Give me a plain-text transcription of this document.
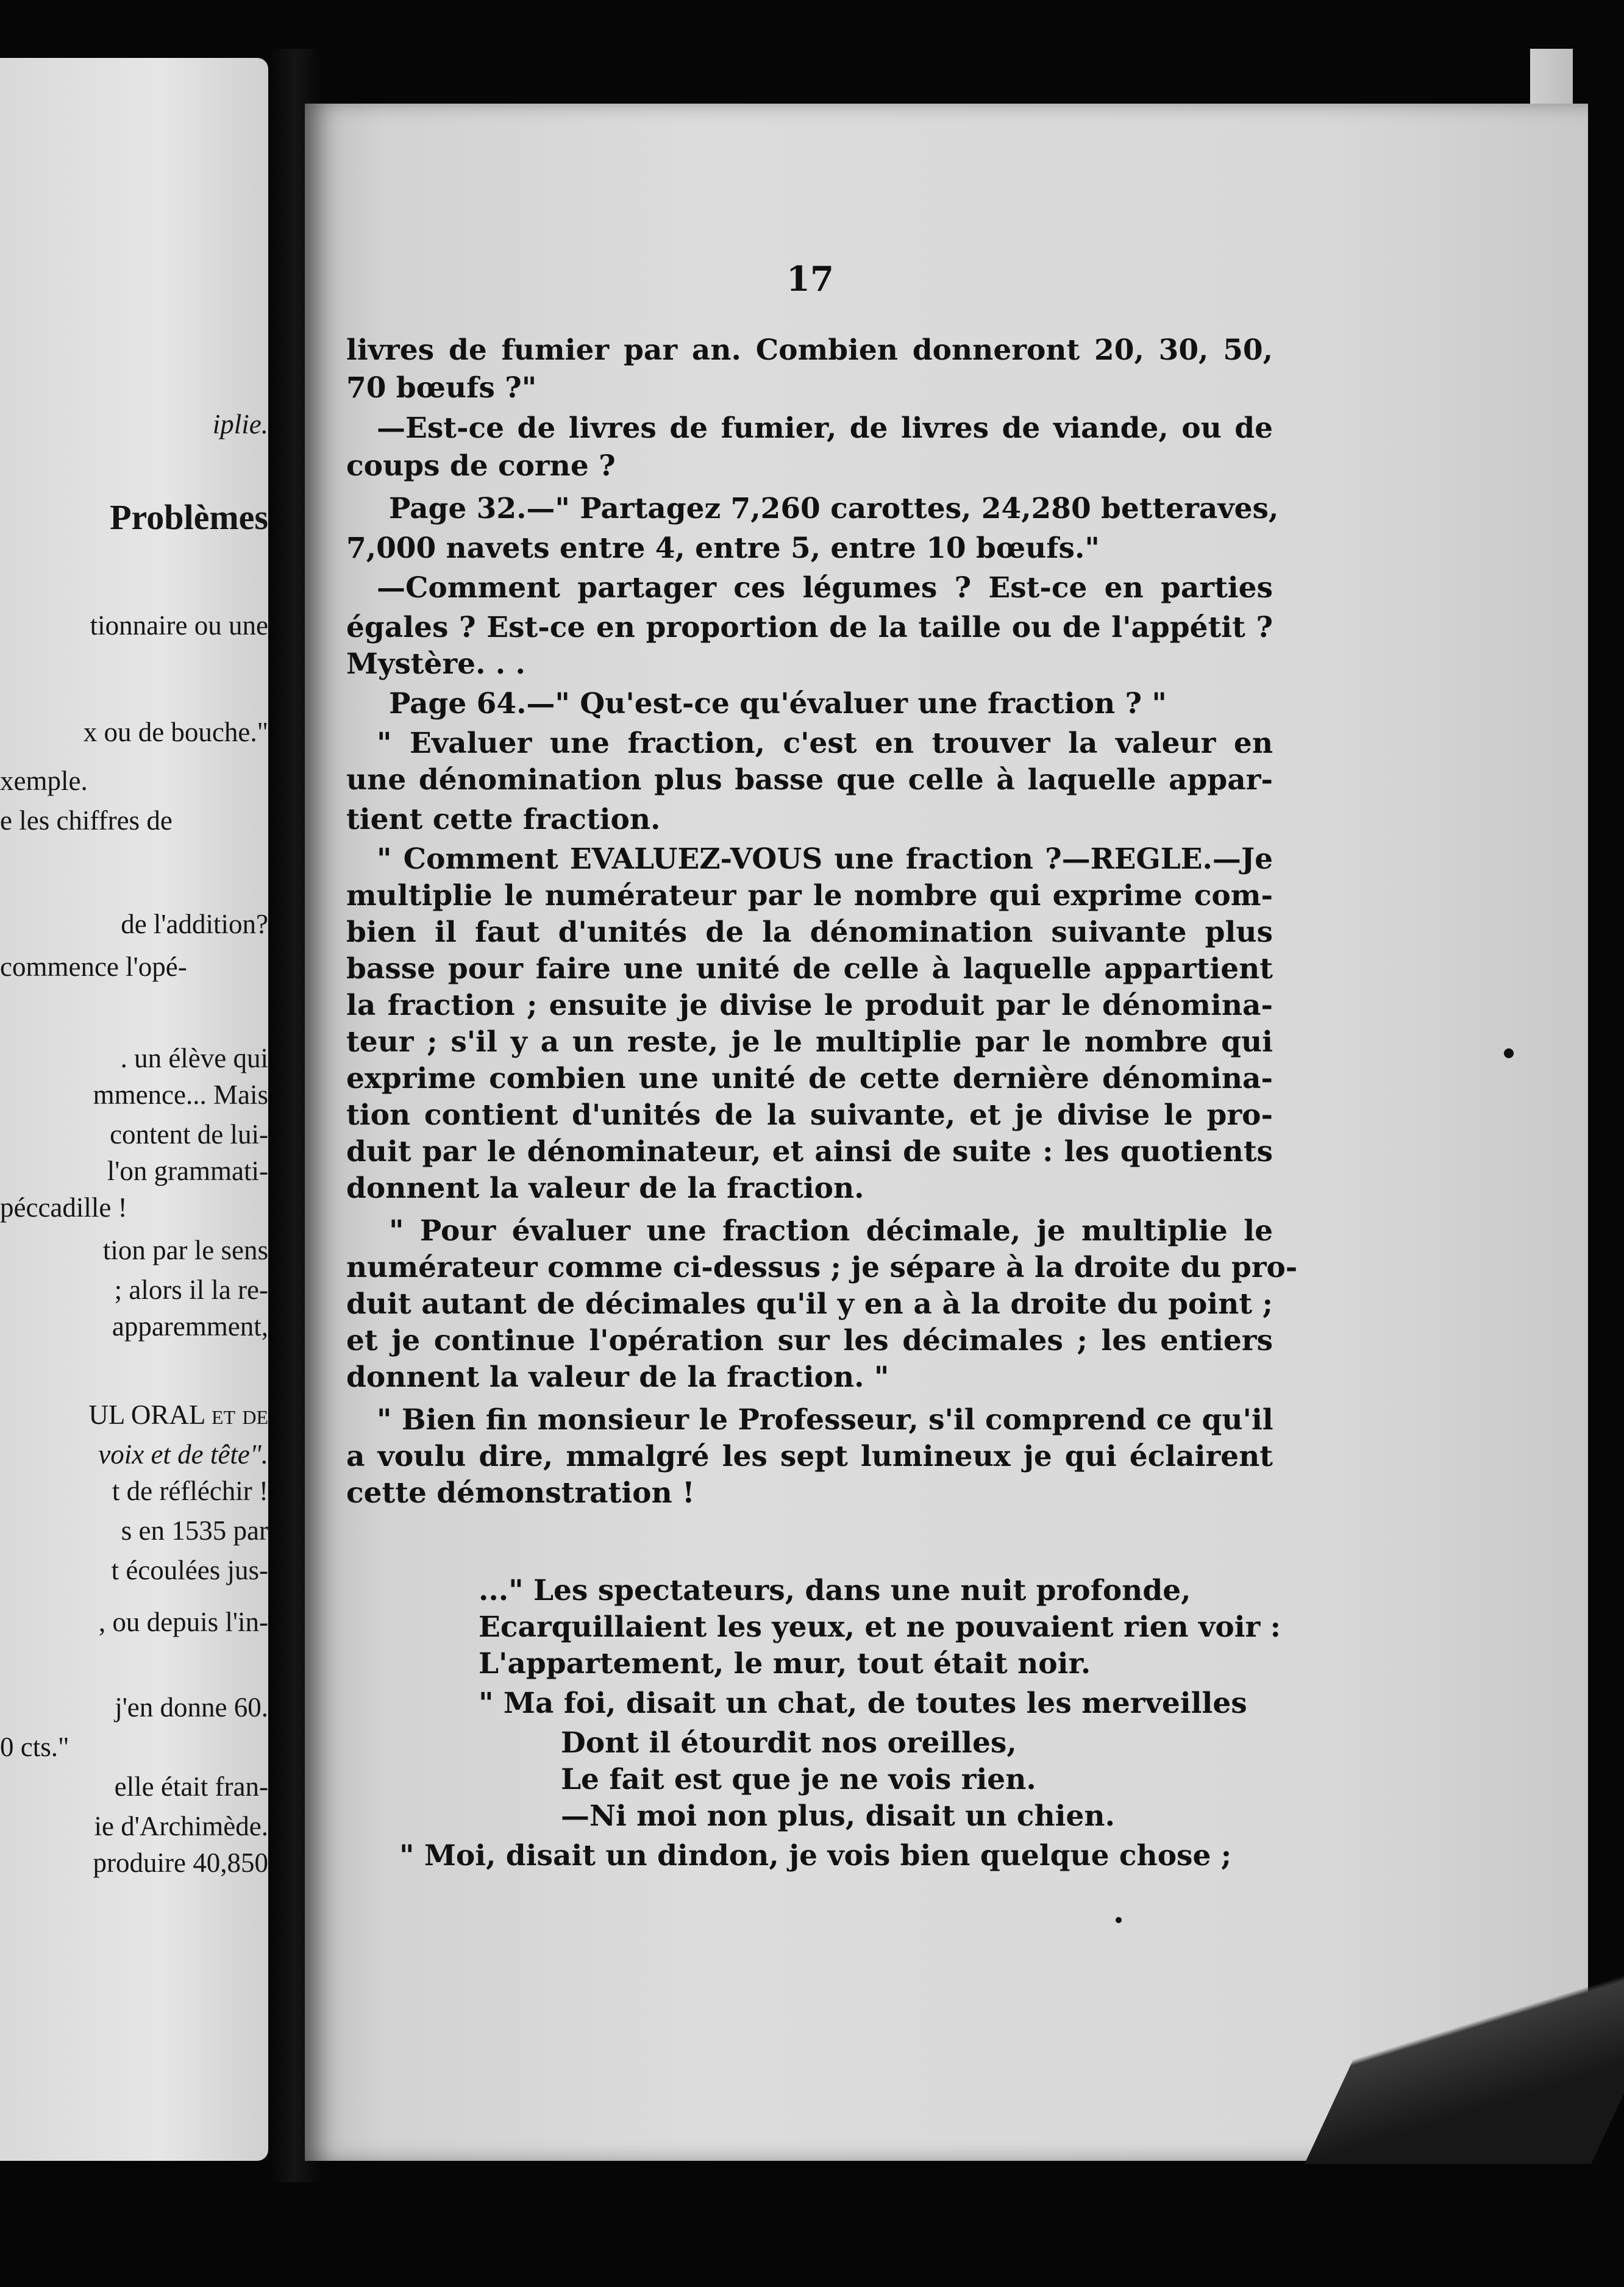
iplie.
Problèmes
tionnaire ou une
x ou de bouche."
xemple.
e les chiffres de
de l'addition?
commence l'opé-
. un élève qui
mmence... Mais
content de lui-
l'on grammati-
péccadille !
tion par le sens
; alors il la re-
apparemment,
UL ORAL et de
voix et de tête".
t de réfléchir !
s en 1535 par
t écoulées jus-
, ou depuis l'in-
j'en donne 60.
0 cts."
elle était fran-
ie d'Archimède.
produire 40,850
17
livres de fumier par an. Combien donneront 20, 30, 50,
70 bœufs ?"
—Est-ce de livres de fumier, de livres de viande, ou de
coups de corne ?
Page 32.—" Partagez 7,260 carottes, 24,280 betteraves,
7,000 navets entre 4, entre 5, entre 10 bœufs."
—Comment partager ces légumes ? Est-ce en parties
égales ? Est-ce en proportion de la taille ou de l'appétit ?
Mystère. . .
Page 64.—" Qu'est-ce qu'évaluer une fraction ? "
" Evaluer une fraction, c'est en trouver la valeur en
une dénomination plus basse que celle à laquelle appar-
tient cette fraction.
" Comment EVALUEZ-VOUS une fraction ?—REGLE.—Je
multiplie le numérateur par le nombre qui exprime com-
bien il faut d'unités de la dénomination suivante plus
basse pour faire une unité de celle à laquelle appartient
la fraction ; ensuite je divise le produit par le dénomina-
teur ; s'il y a un reste, je le multiplie par le nombre qui
exprime combien une unité de cette dernière dénomina-
tion contient d'unités de la suivante, et je divise le pro-
duit par le dénominateur, et ainsi de suite : les quotients
donnent la valeur de la fraction.
" Pour évaluer une fraction décimale, je multiplie le
numérateur comme ci-dessus ; je sépare à la droite du pro-
duit autant de décimales qu'il y en a à la droite du point ;
et je continue l'opération sur les décimales ; les entiers
donnent la valeur de la fraction. "
" Bien fin monsieur le Professeur, s'il comprend ce qu'il
a voulu dire, mmalgré les sept lumineux je qui éclairent
cette démonstration !
..." Les spectateurs, dans une nuit profonde,
Ecarquillaient les yeux, et ne pouvaient rien voir :
L'appartement, le mur, tout était noir.
" Ma foi, disait un chat, de toutes les merveilles
Dont il étourdit nos oreilles,
Le fait est que je ne vois rien.
—Ni moi non plus, disait un chien.
" Moi, disait un dindon, je vois bien quelque chose ;
